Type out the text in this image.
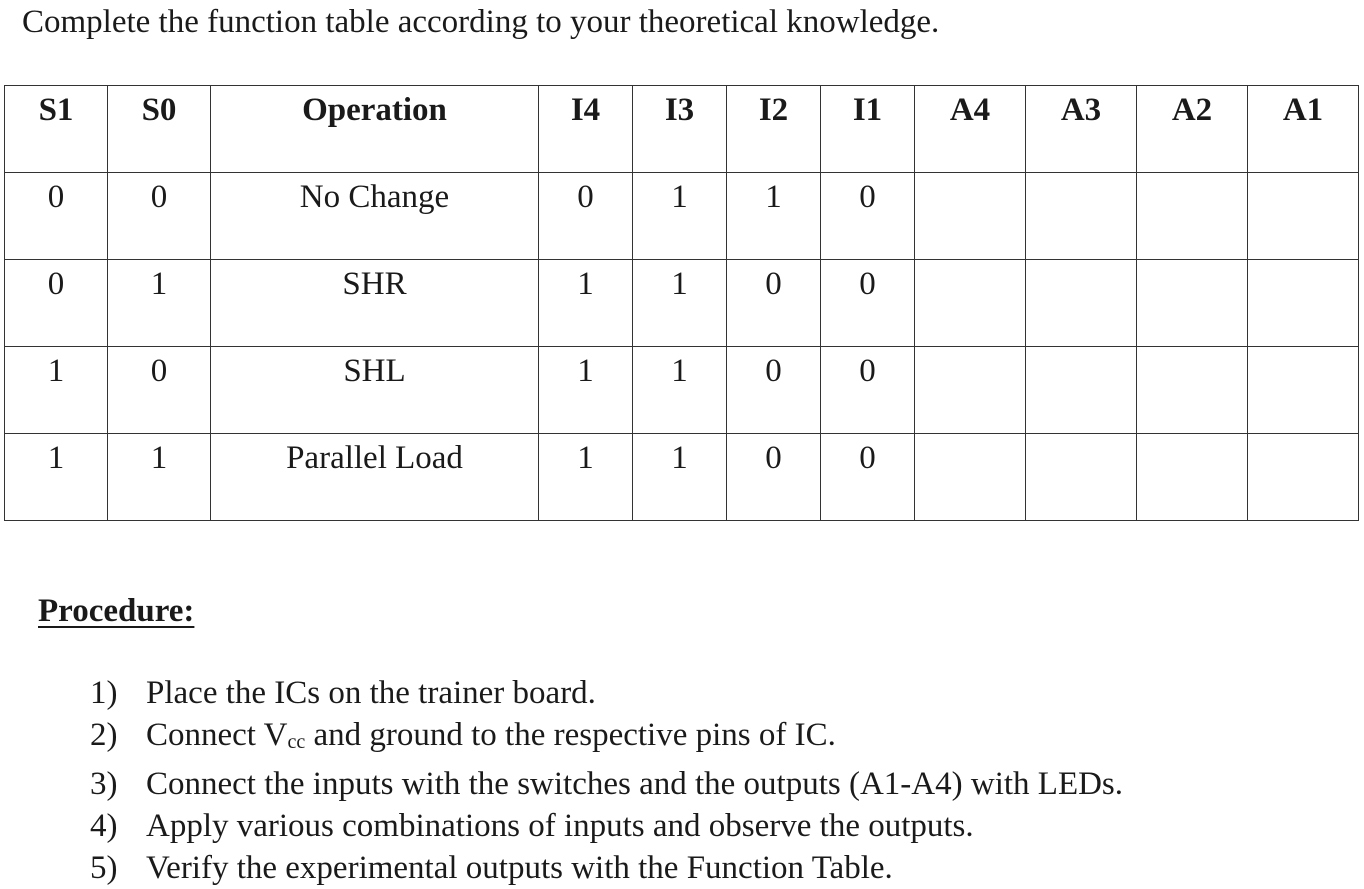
Complete the function table according to your theoretical knowledge.
S1	S0	Operation	I4	I3	I2	I1	A4	A3	A2	A1
0	0	No Change	0	1	1	0				
0	1	SHR	1	1	0	0				
1	0	SHL	1	1	0	0				
1	1	Parallel Load	1	1	0	0				
Procedure:
1) Place the ICs on the trainer board.
2) Connect Vcc and ground to the respective pins of IC.
3) Connect the inputs with the switches and the outputs (A1-A4) with LEDs.
4) Apply various combinations of inputs and observe the outputs.
5) Verify the experimental outputs with the Function Table.
